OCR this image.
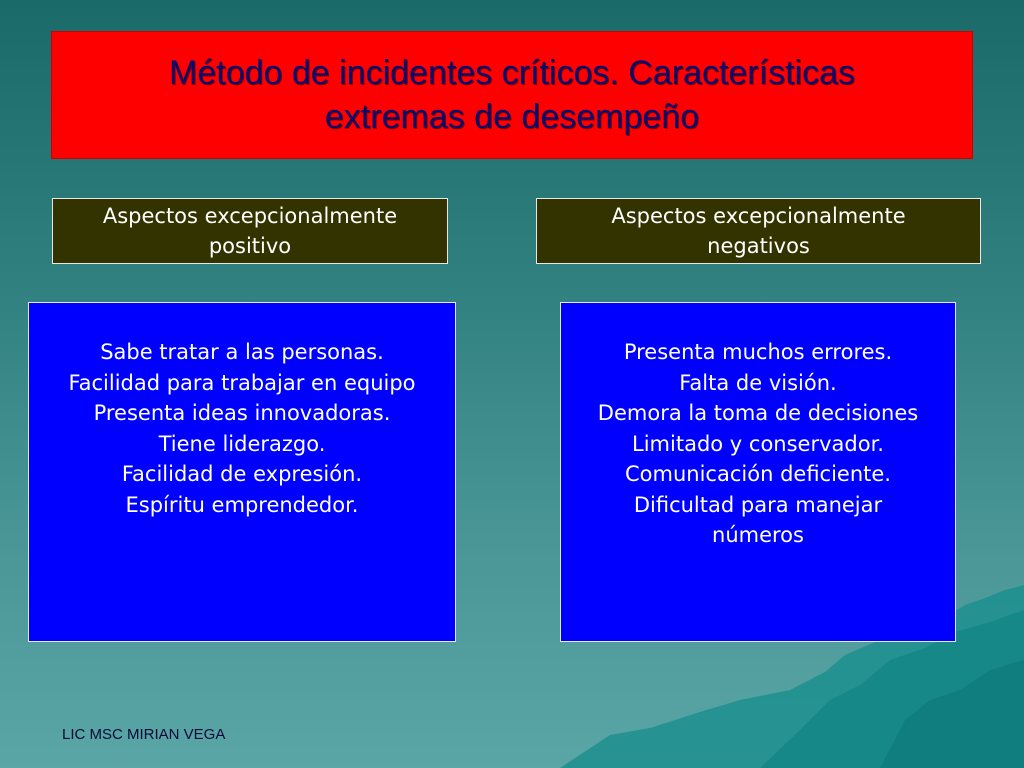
Método de incidentes críticos. Características
extremas de desempeño
Aspectos excepcionalmente
positivo
Aspectos excepcionalmente
negativos
Sabe tratar a las personas.
Facilidad para trabajar en equipo
Presenta ideas innovadoras.
Tiene liderazgo.
Facilidad de expresión.
Espíritu emprendedor.
Presenta muchos errores.
Falta de visión.
Demora la toma de decisiones
Limitado y conservador.
Comunicación deficiente.
Dificultad para manejar
números
LIC MSC MIRIAN VEGA
